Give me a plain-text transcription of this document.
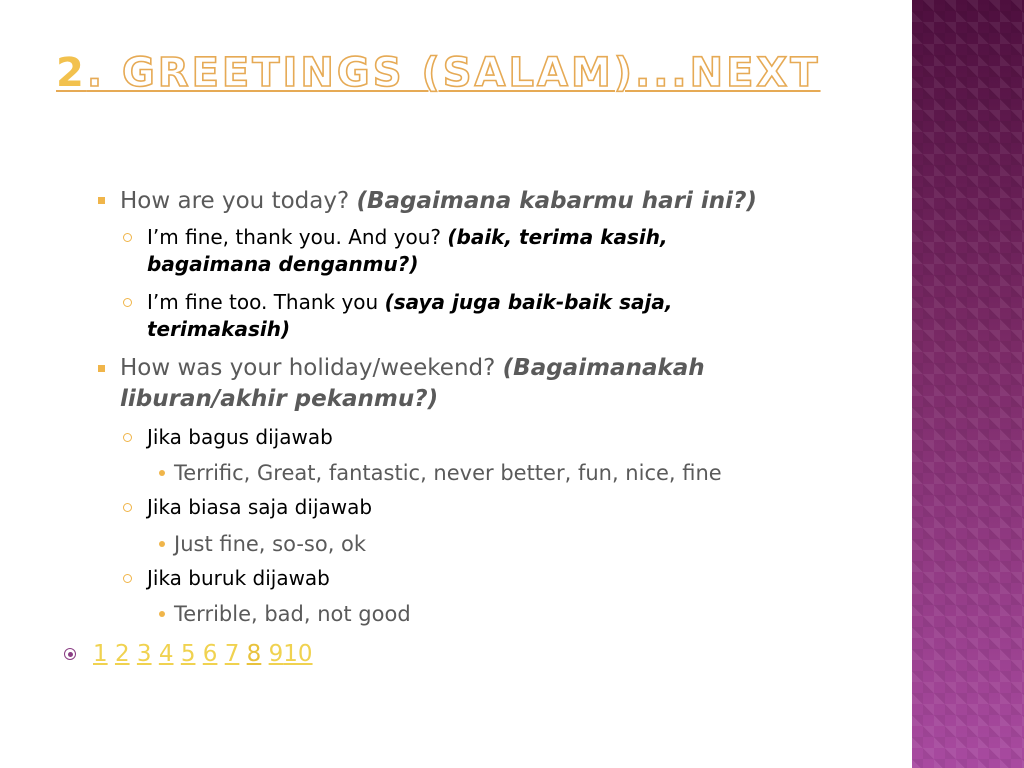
2. GREETINGS (SALAM)...NEXT
How are you today? (Bagaimana kabarmu hari ini?)
I’m fine, thank you. And you? (baik, terima kasih,
bagaimana denganmu?)
I’m fine too. Thank you (saya juga baik-baik saja,
terimakasih)
How was your holiday/weekend? (Bagaimanakah
liburan/akhir pekanmu?)
Jika bagus dijawab
Terrific, Great, fantastic, never better, fun, nice, fine
Jika biasa saja dijawab
Just fine, so-so, ok
Jika buruk dijawab
Terrible, bad, not good
1 2 3 4 5 6 7 8 910
